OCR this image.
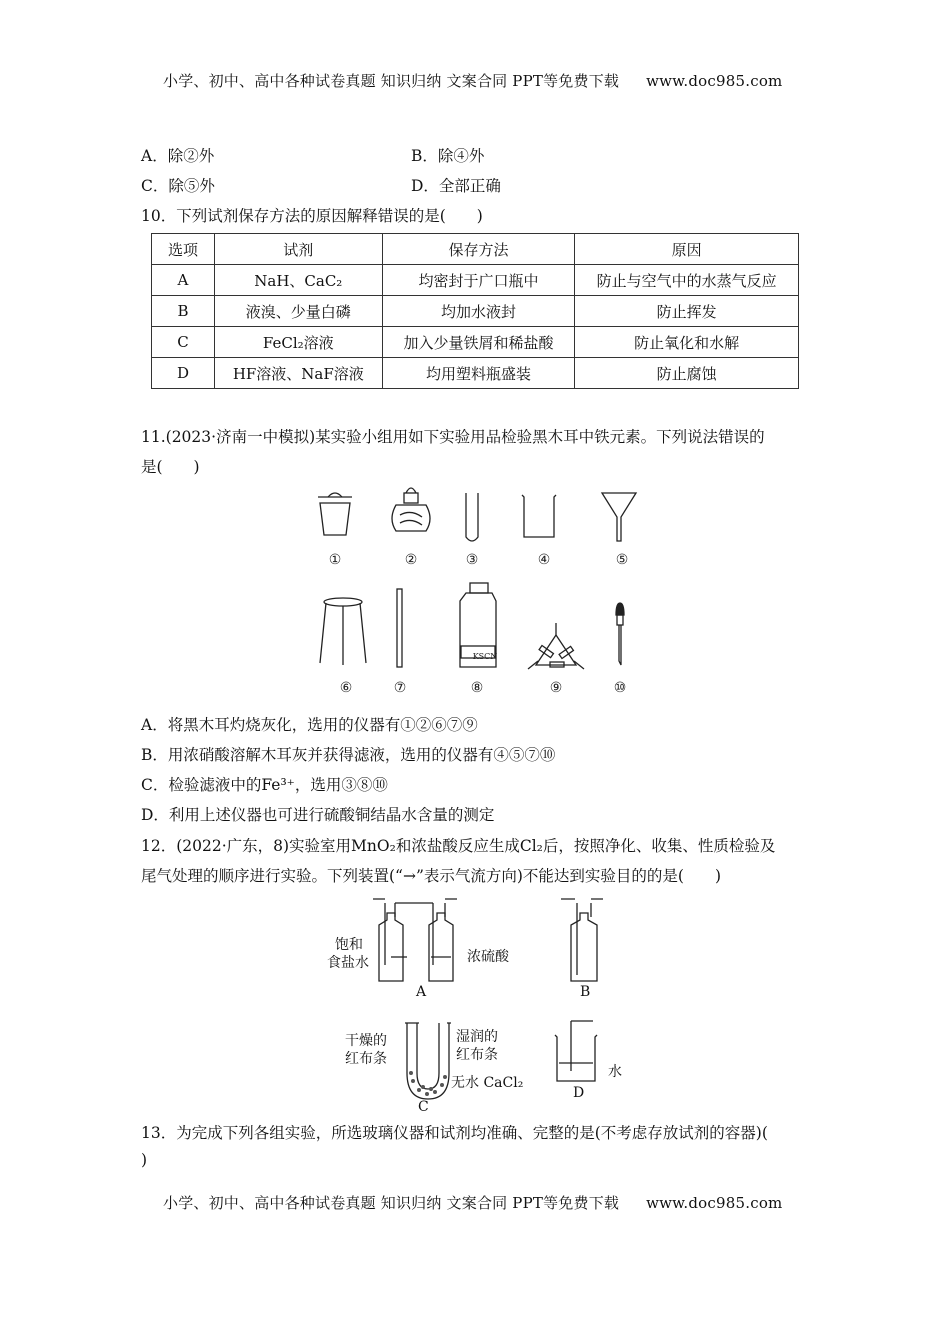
小学、初中、高中各种试卷真题 知识归纳 文案合同 PPT等免费下载 www.doc985.com
A．除②外	B．除④外
C．除⑤外	D．全部正确
10．下列试剂保存方法的原因解释错误的是(　　)
选项	试剂	保存方法	原因
A	NaH、CaC₂	均密封于广口瓶中	防止与空气中的水蒸气反应
B	液溴、少量白磷	均加水液封	防止挥发
C	FeCl₂溶液	加入少量铁屑和稀盐酸	防止氧化和水解
D	HF溶液、NaF溶液	均用塑料瓶盛装	防止腐蚀
11.(2023·济南一中模拟)某实验小组用如下实验用品检验黑木耳中铁元素。下列说法错误的
是(　　)
KSCN
①	②	③	④	⑤
⑥	⑦	⑧	⑨	⑩
A．将黑木耳灼烧灰化，选用的仪器有①②⑥⑦⑨
B．用浓硝酸溶解木耳灰并获得滤液，选用的仪器有④⑤⑦⑩
C．检验滤液中的Fe³⁺，选用③⑧⑩
D．利用上述仪器也可进行硫酸铜结晶水含量的测定
12．(2022·广东，8)实验室用MnO₂和浓盐酸反应生成Cl₂后，按照净化、收集、性质检验及
尾气处理的顺序进行实验。下列装置(“→”表示气流方向)不能达到实验目的的是(　　)
饱和
食盐水	浓硫酸
A	B
干燥的
红布条
湿润的
红布条
无水 CaCl₂
C
水
D
13．为完成下列各组实验，所选玻璃仪器和试剂均准确、完整的是(不考虑存放试剂的容器)(
)
小学、初中、高中各种试卷真题 知识归纳 文案合同 PPT等免费下载 www.doc985.com
